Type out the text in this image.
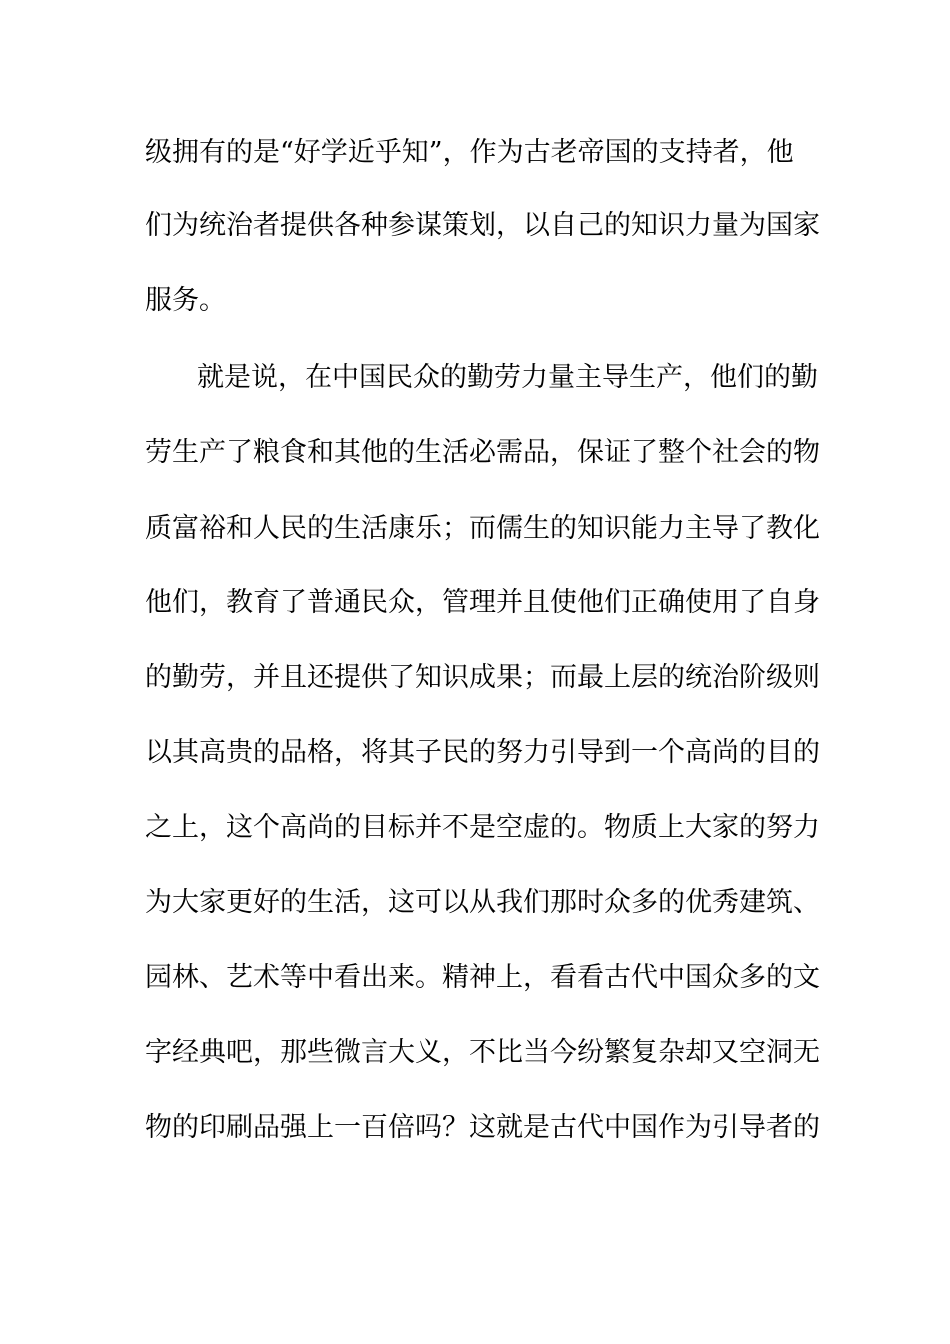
级拥有的是“好学近乎知”，作为古老帝国的支持者，他
们为统治者提供各种参谋策划，以自己的知识力量为国家
服务。
就是说，在中国民众的勤劳力量主导生产，他们的勤
劳生产了粮食和其他的生活必需品，保证了整个社会的物
质富裕和人民的生活康乐；而儒生的知识能力主导了教化
他们，教育了普通民众，管理并且使他们正确使用了自身
的勤劳，并且还提供了知识成果；而最上层的统治阶级则
以其高贵的品格，将其子民的努力引导到一个高尚的目的
之上，这个高尚的目标并不是空虚的。物质上大家的努力
为大家更好的生活，这可以从我们那时众多的优秀建筑、
园林、艺术等中看出来。精神上，看看古代中国众多的文
字经典吧，那些微言大义，不比当今纷繁复杂却又空洞无
物的印刷品强上一百倍吗？这就是古代中国作为引导者的
